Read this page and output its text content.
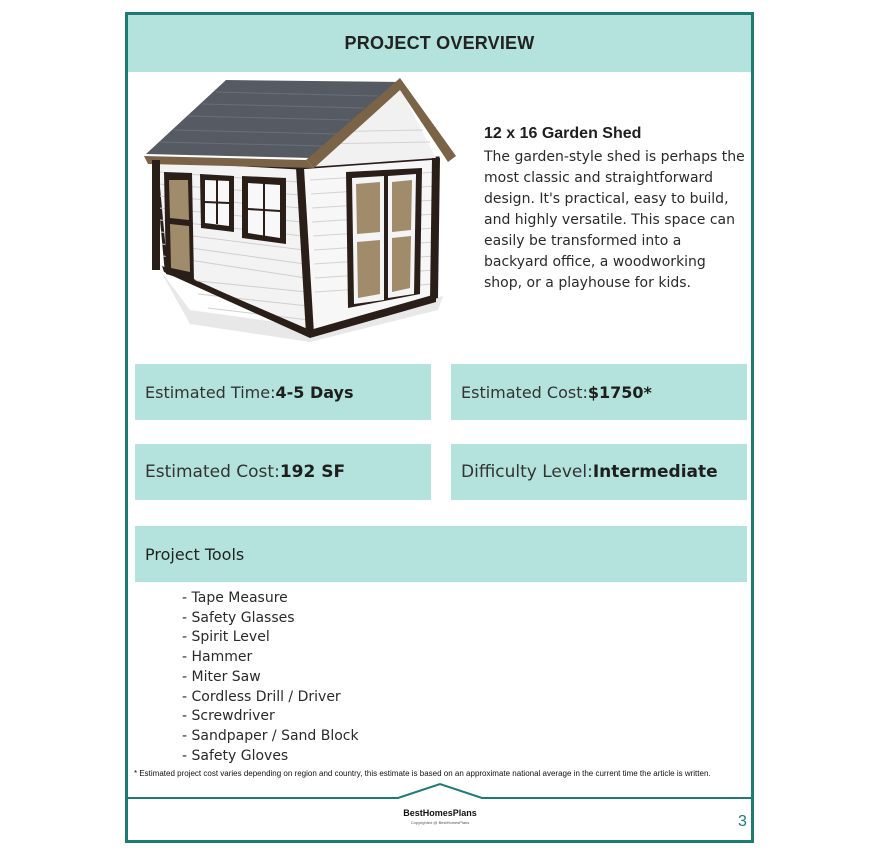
PROJECT OVERVIEW
12 x 16 Garden Shed
The garden-style shed is perhaps the most classic and straightforward design. It's practical, easy to build, and highly versatile. This space can easily be transformed into a backyard office, a woodworking shop, or a playhouse for kids.
Estimated Time: 4-5 Days	Estimated Cost: $1750*
Estimated Cost: 192 SF	Difficulty Level: Intermediate
Project Tools
- Tape Measure
- Safety Glasses
- Spirit Level
- Hammer
- Miter Saw
- Cordless Drill / Driver
- Screwdriver
- Sandpaper / Sand Block
- Safety Gloves
* Estimated project cost varies depending on region and country, this estimate is based on an approximate national average in the current time the article is written.
BestHomesPlans
Copyrighted @ BestHomesPlans	3
